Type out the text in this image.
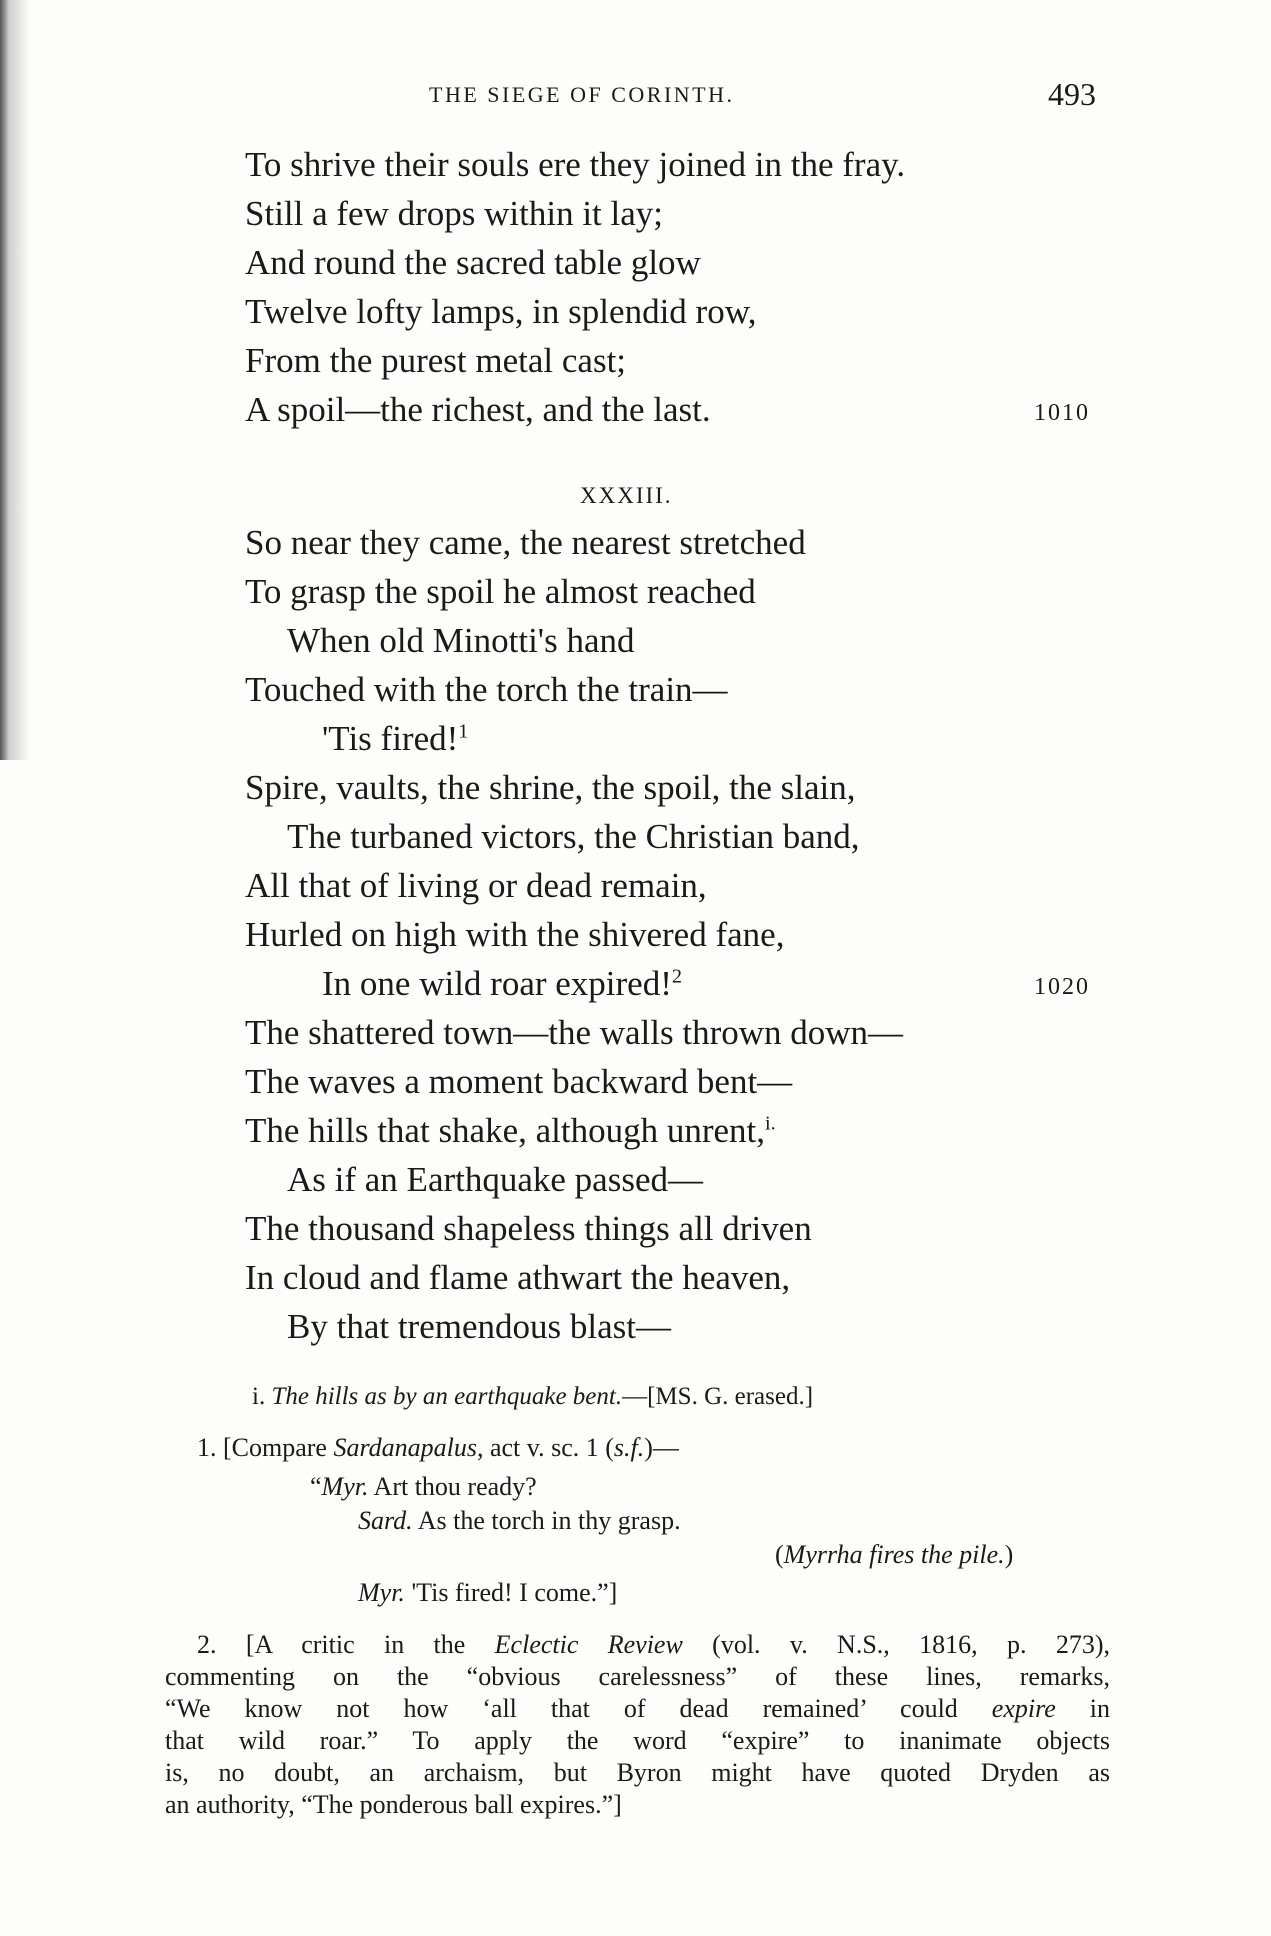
THE SIEGE OF CORINTH.	493
To shrive their souls ere they joined in the fray.
Still a few drops within it lay;
And round the sacred table glow
Twelve lofty lamps, in splendid row,
From the purest metal cast;
A spoil—the richest, and the last.	1010
XXXIII.
So near they came, the nearest stretched
To grasp the spoil he almost reached
When old Minotti's hand
Touched with the torch the train—
'Tis fired!$^1$
Spire, vaults, the shrine, the spoil, the slain,
The turbaned victors, the Christian band,
All that of living or dead remain,
Hurled on high with the shivered fane,
In one wild roar expired!$^2$	1020
The shattered town—the walls thrown down—
The waves a moment backward bent—
The hills that shake, although unrent,$^{i.}$
As if an Earthquake passed—
The thousand shapeless things all driven
In cloud and flame athwart the heaven,
By that tremendous blast—
i. The hills as by an earthquake bent.—[MS. G. erased.]
1. [Compare Sardanapalus, act v. sc. 1 (s.f.)—
“Myr. Art thou ready?
Sard. As the torch in thy grasp.
(Myrrha fires the pile.)
Myr. 'Tis fired! I come.”]
2. [A critic in the Eclectic Review (vol. v. N.S., 1816, p. 273),
commenting on the “obvious carelessness” of these lines, remarks,
“We know not how ‘all that of dead remained’ could expire in
that wild roar.” To apply the word “expire” to inanimate objects
is, no doubt, an archaism, but Byron might have quoted Dryden as
an authority, “The ponderous ball expires.”]
